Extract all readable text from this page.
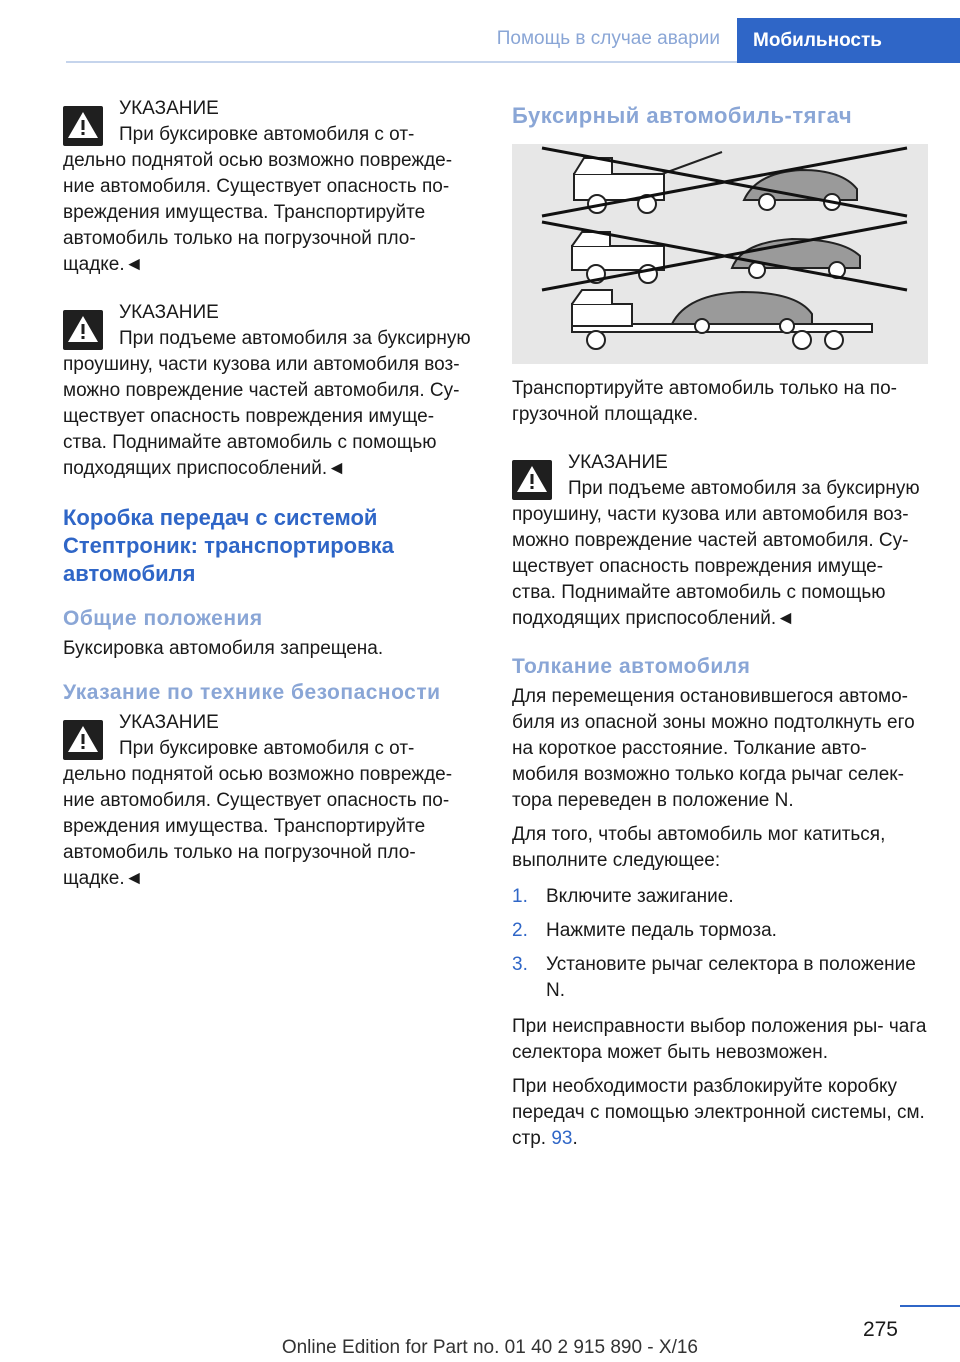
Помощь в случае аварии	Мобильность

УКАЗАНИЕ

При буксировке автомобиля с от-

дельно поднятой осью возможно поврежде- ние автомобиля. Существует опасность по- вреждения имущества. Транспортируйте автомобиль только на погрузочной пло- щадке.◄

УКАЗАНИЕ

При подъеме автомобиля за буксирную

проушину, части кузова или автомобиля воз- можно повреждение частей автомобиля. Су- ществует опасность повреждения имуще- ства. Поднимайте автомобиль с помощью подходящих приспособлений.◄

Коробка передач с системой Стептроник: транспортировка автомобиля
Общие положения

Буксировка автомобиля запрещена.

Указание по технике безопасности

УКАЗАНИЕ

При буксировке автомобиля с от-

дельно поднятой осью возможно поврежде- ние автомобиля. Существует опасность по- вреждения имущества. Транспортируйте автомобиль только на погрузочной пло- щадке.◄

Буксирный автомобиль-тягач

Транспортируйте автомобиль только на по- грузочной площадке.

УКАЗАНИЕ

При подъеме автомобиля за буксирную

проушину, части кузова или автомобиля воз- можно повреждение частей автомобиля. Су- ществует опасность повреждения имуще- ства. Поднимайте автомобиль с помощью подходящих приспособлений.◄

Толкание автомобиля

Для перемещения остановившегося автомо- биля из опасной зоны можно подтолкнуть его на короткое расстояние. Толкание авто- мобиля возможно только когда рычаг селек- тора переведен в положение N.

Для того, чтобы автомобиль мог катиться, выполните следующее:

1. Включите зажигание.
2. Нажмите педаль тормоза.
3. Установите рычаг селектора в положение N.

При неисправности выбор положения ры- чага селектора может быть невозможен.

При необходимости разблокируйте коробку передач с помощью электронной системы, см. стр. 93.

275
Online Edition for Part no. 01 40 2 915 890 - X/16
